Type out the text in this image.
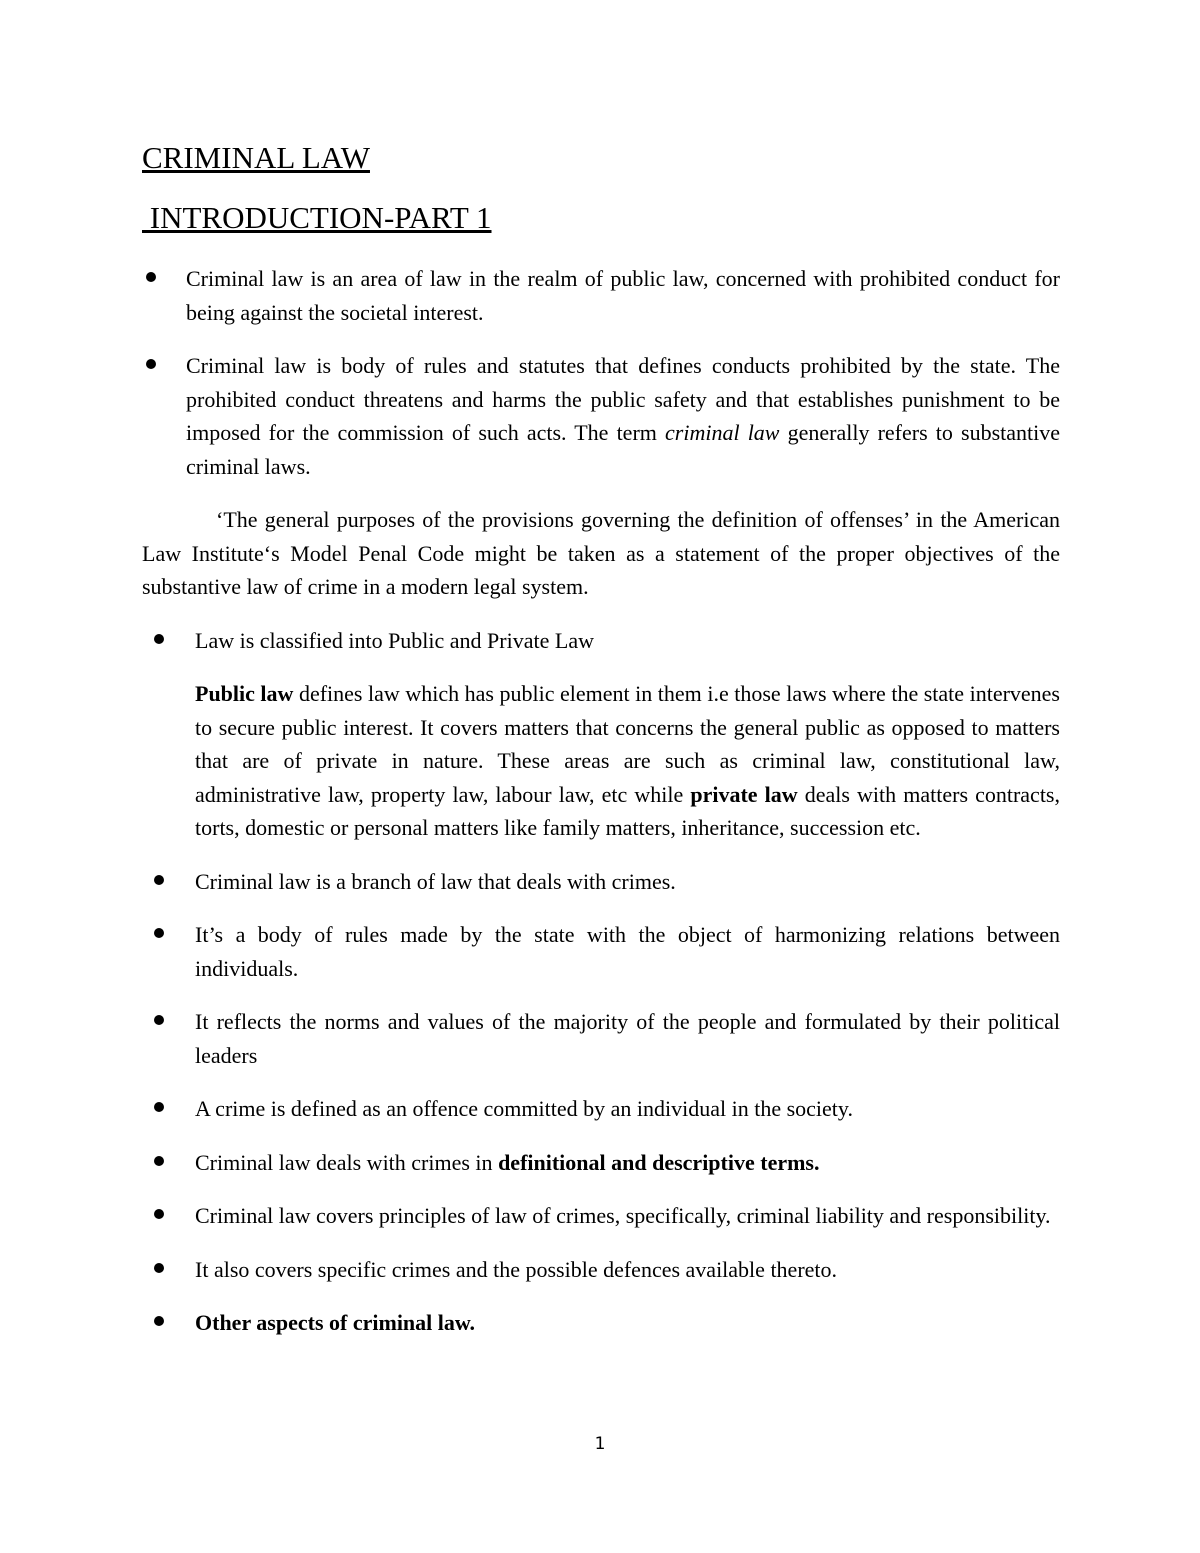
CRIMINAL LAW
INTRODUCTION-PART 1
Criminal law is an area of law in the realm of public law, concerned with prohibited conduct for being against the societal interest.
Criminal law is body of rules and statutes that defines conducts prohibited by the state. The prohibited conduct threatens and harms the public safety and that establishes punishment to be imposed for the commission of such acts. The term criminal law generally refers to substantive criminal laws.

‘The general purposes of the provisions governing the definition of offenses’ in the American Law Institute‘s Model Penal Code might be taken as a statement of the proper objectives of the substantive law of crime in a modern legal system.

Law is classified into Public and Private Law

Public law defines law which has public element in them i.e those laws where the state intervenes to secure public interest. It covers matters that concerns the general public as opposed to matters that are of private in nature. These areas are such as criminal law, constitutional law, administrative law, property law, labour law, etc while private law deals with matters contracts, torts, domestic or personal matters like family matters, inheritance, succession etc.

Criminal law is a branch of law that deals with crimes.
It’s a body of rules made by the state with the object of harmonizing relations between individuals.
It reflects the norms and values of the majority of the people and formulated by their political leaders
A crime is defined as an offence committed by an individual in the society.
Criminal law deals with crimes in definitional and descriptive terms.
Criminal law covers principles of law of crimes, specifically, criminal liability and responsibility.
It also covers specific crimes and the possible defences available thereto.
Other aspects of criminal law.
1
